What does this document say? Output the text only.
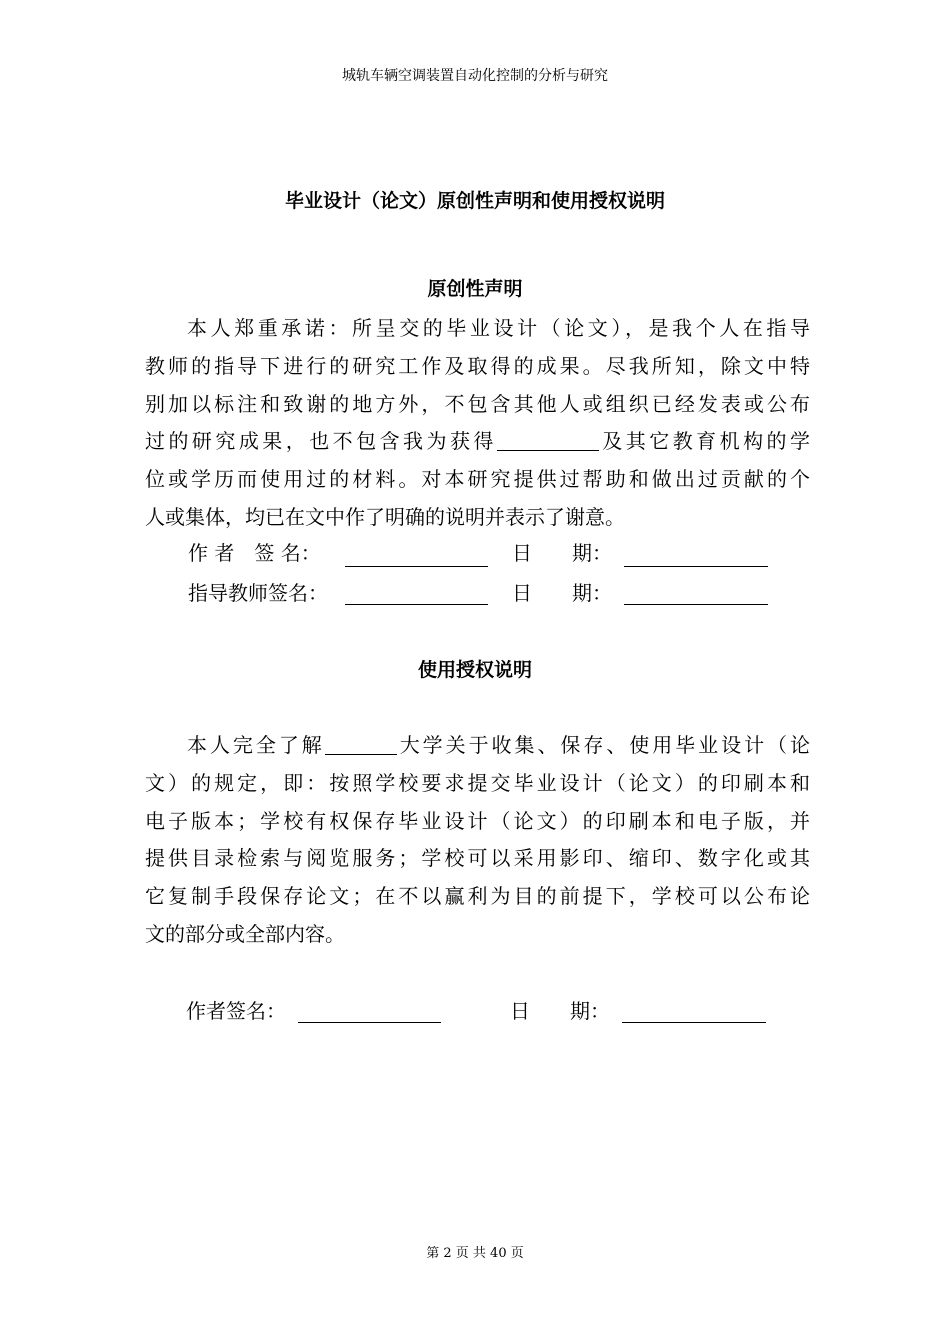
城轨车辆空调装置自动化控制的分析与研究
毕业设计（论文）原创性声明和使用授权说明
原创性声明
本人郑重承诺：所呈交的毕业设计（论文），是我个人在指导
教师的指导下进行的研究工作及取得的成果。尽我所知，除文中特
别加以标注和致谢的地方外，不包含其他人或组织已经发表或公布
过的研究成果，也不包含我为获得	及其它教育机构的学
位或学历而使用过的材料。对本研究提供过帮助和做出过贡献的个
人或集体，均已在文中作了明确的说明并表示了谢意。
作 者　签 名：	日　　期：
指导教师签名：	日　　期：
使用授权说明
本人完全了解	大学关于收集、保存、使用毕业设计（论
文）的规定，即：按照学校要求提交毕业设计（论文）的印刷本和
电子版本；学校有权保存毕业设计（论文）的印刷本和电子版，并
提供目录检索与阅览服务；学校可以采用影印、缩印、数字化或其
它复制手段保存论文；在不以赢利为目的前提下，学校可以公布论
文的部分或全部内容。
作者签名：	日　　期：
第 2 页 共 40 页
